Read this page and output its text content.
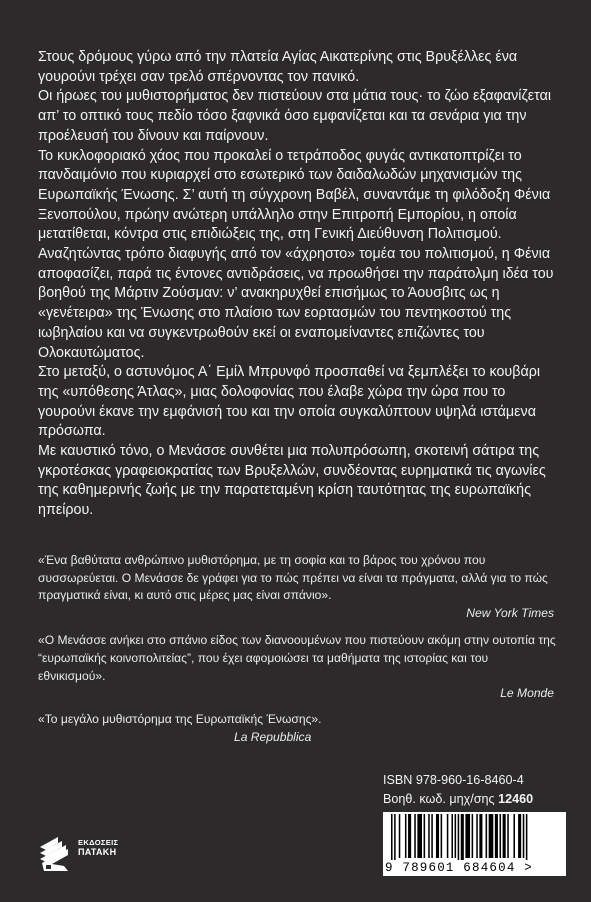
Στους δρόμους γύρω από την πλατεία Αγίας Αικατερίνης στις Βρυξέλλες ένα γουρούνι τρέχει σαν τρελό σπέρνοντας τον πανικό.

Οι ήρωες του μυθιστορήματος δεν πιστεύουν στα μάτια τους· το ζώο εξαφανίζεται απ’ το οπτικό τους πεδίο τόσο ξαφνικά όσο εμφανίζεται και τα σενάρια για την προέλευσή του δίνουν και παίρνουν.

Το κυκλοφοριακό χάος που προκαλεί ο τετράποδος φυγάς αντικατοπτρίζει το πανδαιμόνιο που κυριαρχεί στο εσωτερικό των δαιδαλωδών μηχανισμών της Ευρωπαϊκής Ένωσης. Σ’ αυτή τη σύγχρονη Βαβέλ, συναντάμε τη φιλόδοξη Φένια Ξενοπούλου, πρώην ανώτερη υπάλληλο στην Επιτροπή Εμπορίου, η οποία μετατίθεται, κόντρα στις επιδιώξεις της, στη Γενική Διεύθυνση Πολιτισμού. Αναζητώντας τρόπο διαφυγής από τον «άχρηστο» τομέα του πολιτισμού, η Φένια αποφασίζει, παρά τις έντονες αντιδράσεις, να προωθήσει την παράτολμη ιδέα του βοηθού της Μάρτιν Ζούσμαν: ν’ ανακηρυχθεί επισήμως το Άουσβιτς ως η «γενέτειρα» της Ένωσης στο πλαίσιο των εορτασμών του πεντηκοστού της ιωβηλαίου και να συγκεντρωθούν εκεί οι εναπομείναντες επιζώντες του Ολοκαυτώματος.

Στο μεταξύ, ο αστυνόμος Α΄ Εμίλ Μπρυνφό προσπαθεί να ξεμπλέξει το κουβάρι της «υπόθεσης Άτλας», μιας δολοφονίας που έλαβε χώρα την ώρα που το γουρούνι έκανε την εμφάνισή του και την οποία συγκαλύπτουν υψηλά ιστάμενα πρόσωπα.

Με καυστικό τόνο, ο Μενάσσε συνθέτει μια πολυπρόσωπη, σκοτεινή σάτιρα της γκροτέσκας γραφειοκρατίας των Βρυξελλών, συνδέοντας ευρηματικά τις αγωνίες της καθημερινής ζωής με την παρατεταμένη κρίση ταυτότητας της ευρωπαϊκής ηπείρου.

«Ένα βαθύτατα ανθρώπινο μυθιστόρημα, με τη σοφία και το βάρος του χρόνου που συσσωρεύεται. Ο Μενάσσε δε γράφει για το πώς πρέπει να είναι τα πράγματα, αλλά για το πώς πραγματικά είναι, κι αυτό στις μέρες μας είναι σπάνιο».

New York Times

«Ο Μενάσσε ανήκει στο σπάνιο είδος των διανοουμένων που πιστεύουν ακόμη στην ουτοπία της “ευρωπαϊκής κοινοπολιτείας”, που έχει αφομοιώσει τα μαθήματα της ιστορίας και του εθνικισμού».

Le Monde

«Το μεγάλο μυθιστόρημα της Ευρωπαϊκής Ένωσης».
La Repubblica
ISBN 978-960-16-8460-4
Βοηθ. κωδ. μηχ/σης 12460
9 789601 684604 >
ΕΚΔΟΣΕΙΣ
ΠΑΤΑΚΗ
